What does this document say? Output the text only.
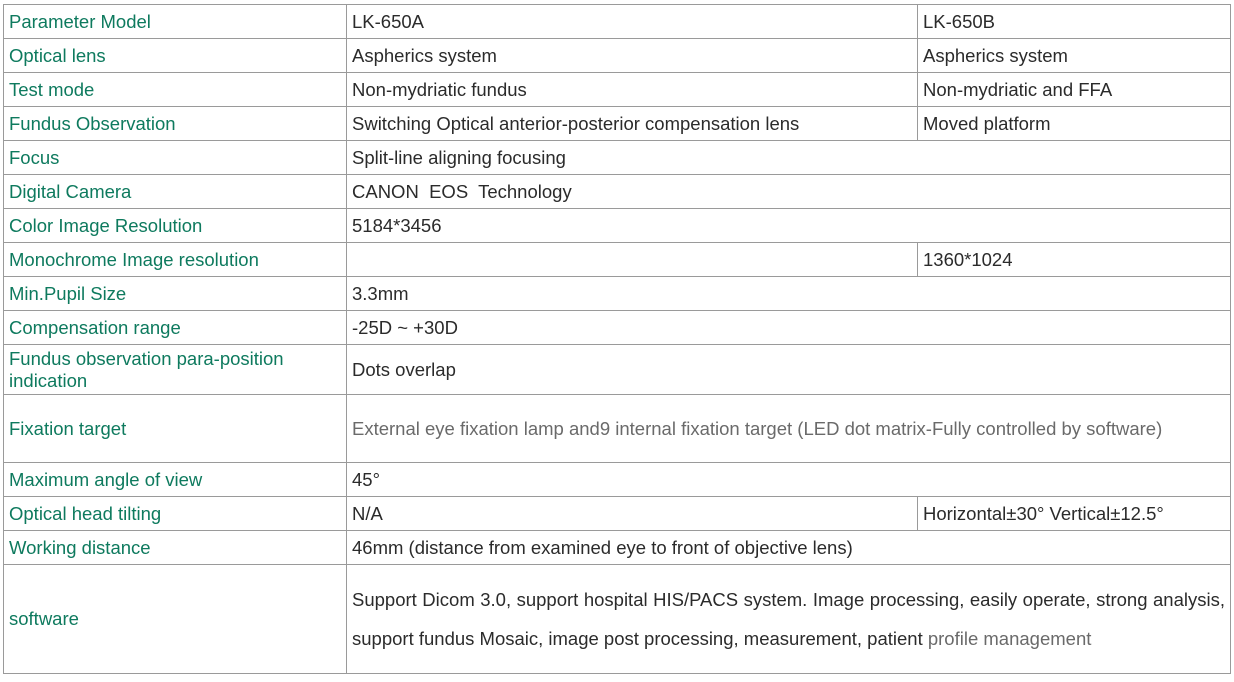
Parameter Model	LK-650A	LK-650B
Optical lens	Aspherics system	Aspherics system
Test mode	Non-mydriatic fundus	Non-mydriatic and FFA
Fundus Observation	Switching Optical anterior-posterior compensation lens	Moved platform
Focus	Split-line aligning focusing	
Digital Camera	CANON  EOS  Technology	
Color Image Resolution	5184*3456	
Monochrome Image resolution		1360*1024
Min.Pupil Size	3.3mm	
Compensation range	-25D ~ +30D	
Fundus observation para-position indication	Dots overlap	
Fixation target	External eye fixation lamp and9 internal fixation target (LED dot matrix-Fully controlled by software)	

Maximum angle of view	45°	
Optical head tilting	N/A	Horizontal±30° Vertical±12.5°
Working distance	46mm (distance from examined eye to front of objective lens)	
software	Support Dicom 3.0, support hospital HIS/PACS system. Image processing, easily operate, strong analysis, support fundus Mosaic, image post processing, measurement, patient profile management	
